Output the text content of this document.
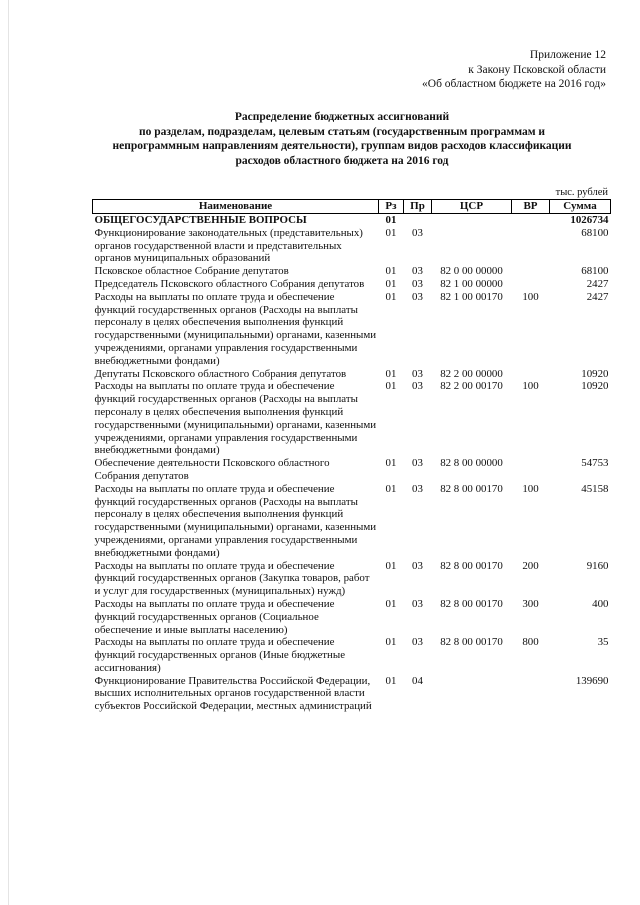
Приложение 12
к Закону Псковской области
«Об областном бюджете на 2016 год»
Распределение бюджетных ассигнований
по разделам, подразделам, целевым статьям (государственным программам и
непрограммным направлениям деятельности), группам видов расходов классификации
расходов областного бюджета на 2016 год
тыс. рублей
Наименование	Рз	Пр	ЦСР	ВР	Сумма
ОБЩЕГОСУДАРСТВЕННЫЕ ВОПРОСЫ	01				1026734
Функционирование законодательных (представительных) органов государственной власти и представительных органов муниципальных образований	01	03			68100
Псковское областное Собрание депутатов	01	03	82 0 00 00000		68100
Председатель Псковского областного Собрания депутатов	01	03	82 1 00 00000		2427
Расходы на выплаты по оплате труда и обеспечение функций государственных органов (Расходы на выплаты персоналу в целях обеспечения выполнения функций государственными (муниципальными) органами, казенными учреждениями, органами управления государственными внебюджетными фондами)	01	03	82 1 00 00170	100	2427
Депутаты Псковского областного Собрания депутатов	01	03	82 2 00 00000		10920
Расходы на выплаты по оплате труда и обеспечение функций государственных органов (Расходы на выплаты персоналу в целях обеспечения выполнения функций государственными (муниципальными) органами, казенными учреждениями, органами управления государственными внебюджетными фондами)	01	03	82 2 00 00170	100	10920
Обеспечение деятельности Псковского областного Собрания депутатов	01	03	82 8 00 00000		54753
Расходы на выплаты по оплате труда и обеспечение функций государственных органов (Расходы на выплаты персоналу в целях обеспечения выполнения функций государственными (муниципальными) органами, казенными учреждениями, органами управления государственными внебюджетными фондами)	01	03	82 8 00 00170	100	45158
Расходы на выплаты по оплате труда и обеспечение функций государственных органов (Закупка товаров, работ и услуг для государственных (муниципальных) нужд)	01	03	82 8 00 00170	200	9160
Расходы на выплаты по оплате труда и обеспечение функций государственных органов (Социальное обеспечение и иные выплаты населению)	01	03	82 8 00 00170	300	400
Расходы на выплаты по оплате труда и обеспечение функций государственных органов (Иные бюджетные ассигнования)	01	03	82 8 00 00170	800	35
Функционирование Правительства Российской Федерации, высших исполнительных органов государственной власти субъектов Российской Федерации, местных администраций	01	04			139690
